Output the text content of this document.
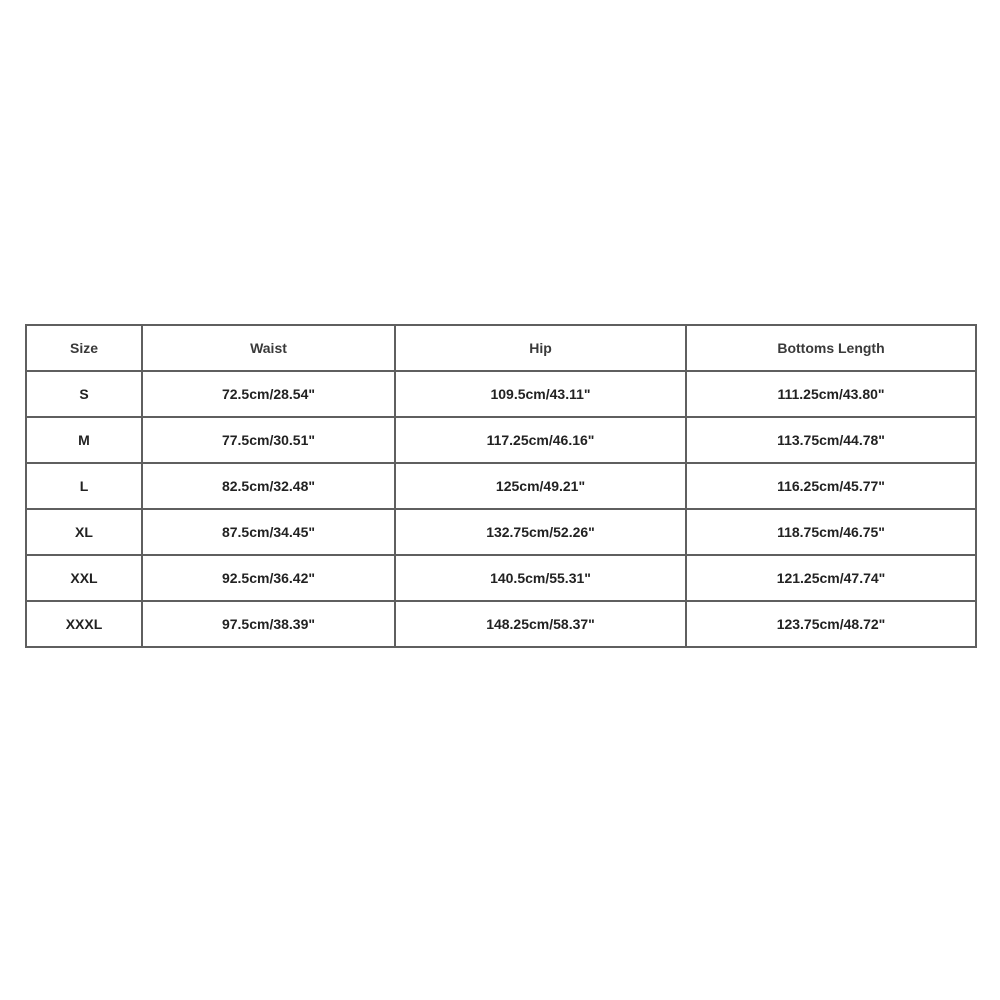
Size	Waist	Hip	Bottoms Length
S	72.5cm/28.54"	109.5cm/43.11"	111.25cm/43.80"
M	77.5cm/30.51"	117.25cm/46.16"	113.75cm/44.78"
L	82.5cm/32.48"	125cm/49.21"	116.25cm/45.77"
XL	87.5cm/34.45"	132.75cm/52.26"	118.75cm/46.75"
XXL	92.5cm/36.42"	140.5cm/55.31"	121.25cm/47.74"
XXXL	97.5cm/38.39"	148.25cm/58.37"	123.75cm/48.72"
